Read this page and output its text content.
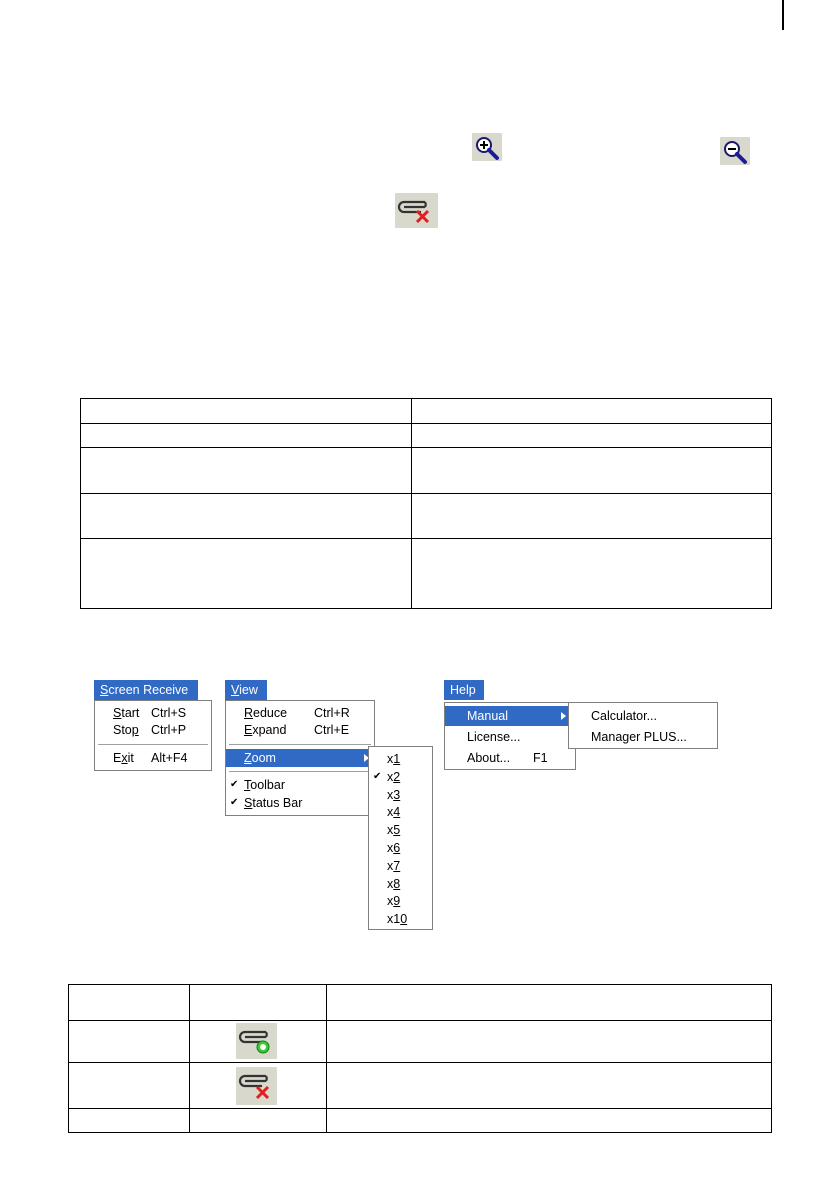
Screen Receive
Start Ctrl+S
Stop Ctrl+P
Exit Alt+F4
View
Reduce Ctrl+R
Expand Ctrl+E
Zoom
✔ Toolbar
✔ Status Bar
x1
✔ x2
x3
x4
x5
x6
x7
x8
x9
x10
Help
Manual
License...
About... F1
Calculator...
Manager PLUS...
